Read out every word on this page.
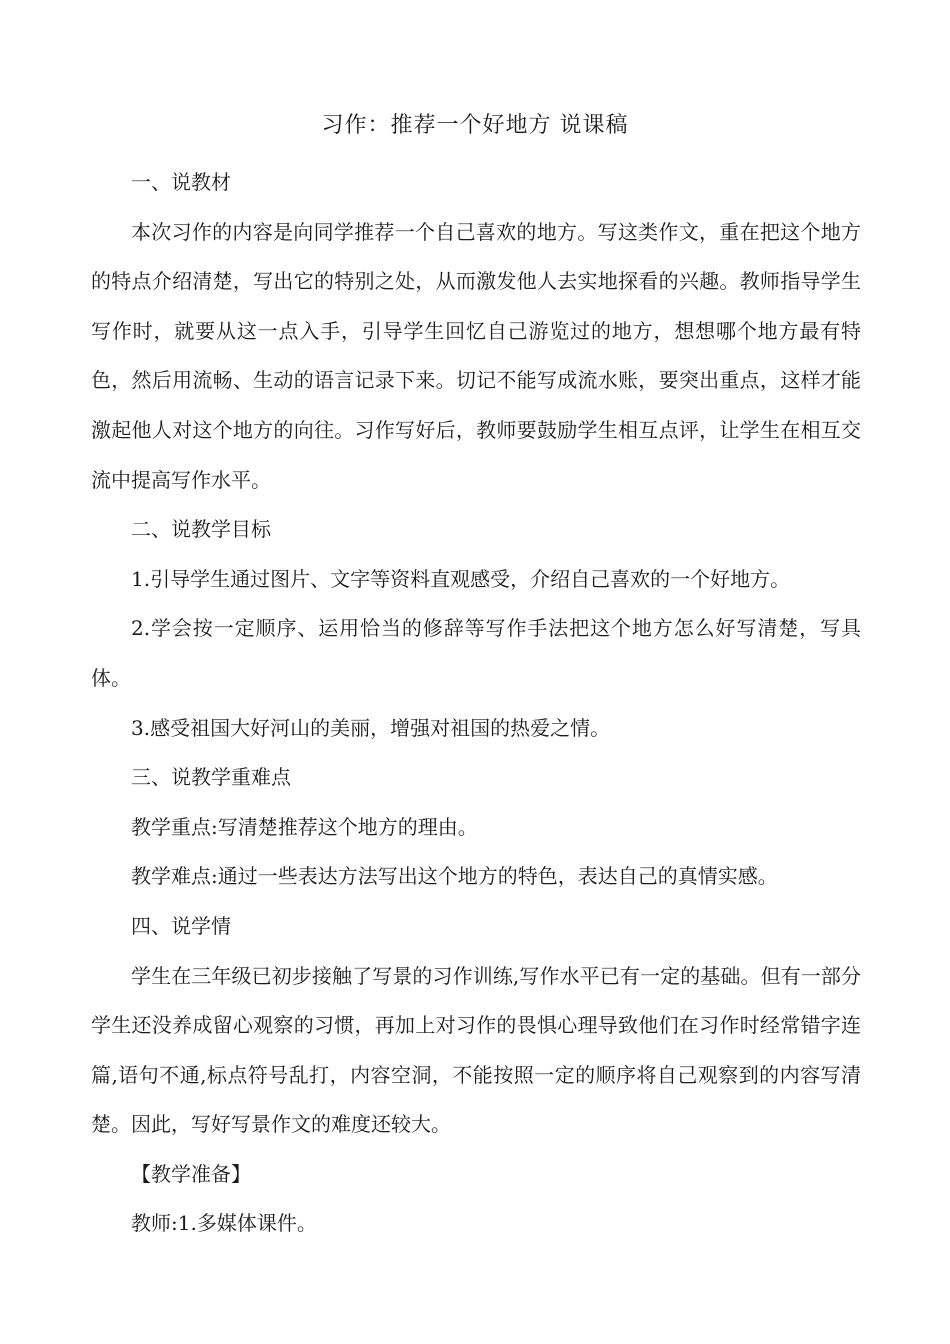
习作：推荐一个好地方 说课稿

一、说教材

本次习作的内容是向同学推荐一个自己喜欢的地方。写这类作文，重在把这个地方的特点介绍清楚，写出它的特别之处，从而激发他人去实地探看的兴趣。教师指导学生写作时，就要从这一点入手，引导学生回忆自己游览过的地方，想想哪个地方最有特色，然后用流畅、生动的语言记录下来。切记不能写成流水账，要突出重点，这样才能激起他人对这个地方的向往。习作写好后，教师要鼓励学生相互点评，让学生在相互交流中提高写作水平。

二、说教学目标

1.引导学生通过图片、文字等资料直观感受，介绍自己喜欢的一个好地方。

2.学会按一定顺序、运用恰当的修辞等写作手法把这个地方怎么好写清楚，写具体。

3.感受祖国大好河山的美丽，增强对祖国的热爱之情。

三、说教学重难点

教学重点:写清楚推荐这个地方的理由。

教学难点:通过一些表达方法写出这个地方的特色，表达自己的真情实感。

四、说学情

学生在三年级已初步接触了写景的习作训练,写作水平已有一定的基础。但有一部分学生还没养成留心观察的习惯，再加上对习作的畏惧心理导致他们在习作时经常错字连篇,语句不通,标点符号乱打，内容空洞，不能按照一定的顺序将自己观察到的内容写清楚。因此，写好写景作文的难度还较大。

【教学准备】

教师:1.多媒体课件。
